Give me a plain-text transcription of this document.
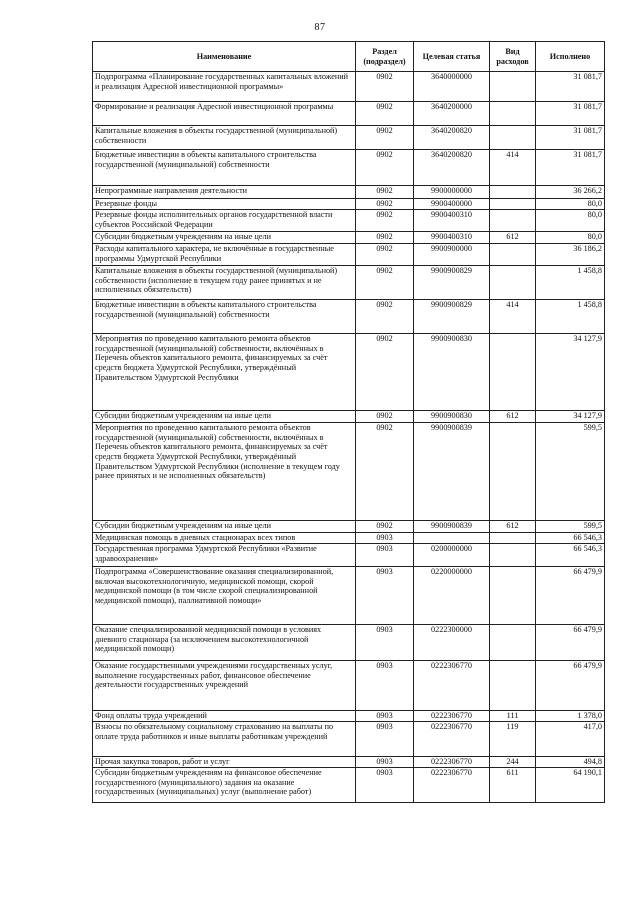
87
Наименование	Раздел (подраздел)	Целевая статья	Вид расходов	Исполнено
Подпрограмма «Планирование государственных капитальных вложений и реализация Адресной инвестиционной программы»	0902	3640000000		31 081,7
Формирование и реализация Адресной инвестиционной программы	0902	3640200000		31 081,7
Капитальные вложения в объекты государственной (муниципальной) собственности	0902	3640200820		31 081,7
Бюджетные инвестиции в объекты капитального строительства государственной (муниципальной) собственности	0902	3640200820	414	31 081,7
Непрограммные направления деятельности	0902	9900000000		36 266,2
Резервные фонды	0902	9900400000		80,0
Резервные фонды исполнительных органов государственной власти субъектов Российской Федерации	0902	9900400310		80,0
Субсидии бюджетным учреждениям на иные цели	0902	9900400310	612	80,0
Расходы капитального характера, не включённые в государственные программы Удмуртской Республики	0902	9900900000		36 186,2
Капитальные вложения в объекты государственной (муниципальной) собственности (исполнение в текущем году ранее принятых и не исполненных обязательств)	0902	9900900829		1 458,8
Бюджетные инвестиции в объекты капитального строительства государственной (муниципальной) собственности	0902	9900900829	414	1 458,8
Мероприятия по проведению капитального ремонта объектов государственной (муниципальной) собственности, включённых в Перечень объектов капитального ремонта, финансируемых за счёт средств бюджета Удмуртской Республики, утверждённый Правительством Удмуртской Республики	0902	9900900830		34 127,9
Субсидии бюджетным учреждениям на иные цели	0902	9900900830	612	34 127,9
Мероприятия по проведению капитального ремонта объектов государственной (муниципальной) собственности, включённых в Перечень объектов капитального ремонта, финансируемых за счёт средств бюджета Удмуртской Республики, утверждённый Правительством Удмуртской Республики (исполнение в текущем году ранее принятых и не исполненных обязательств)	0902	9900900839		599,5
Субсидии бюджетным учреждениям на иные цели	0902	9900900839	612	599,5
Медицинская помощь в дневных стационарах всех типов	0903			66 546,3
Государственная программа Удмуртской Республики «Развитие здравоохранения»	0903	0200000000		66 546,3
Подпрограмма «Совершенствование оказания специализированной, включая высокотехнологичную, медицинской помощи, скорой медицинской помощи (в том числе скорой специализированной медицинской помощи), паллиативной помощи»	0903	0220000000		66 479,9
Оказание специализированной медицинской помощи в условиях дневного стационара (за исключением высокотехнологичной медицинской помощи)	0903	0222300000		66 479,9
Оказание государственными учреждениями государственных услуг, выполнение государственных работ, финансовое обеспечение деятельности государственных учреждений	0903	0222306770		66 479,9
Фонд оплаты труда учреждений	0903	0222306770	111	1 378,0
Взносы по обязательному социальному страхованию на выплаты по оплате труда работников и иные выплаты работникам учреждений	0903	0222306770	119	417,0
Прочая закупка товаров, работ и услуг	0903	0222306770	244	494,8
Субсидии бюджетным учреждениям на финансовое обеспечение государственного (муниципального) задания на оказание государственных (муниципальных) услуг (выполнение работ)	0903	0222306770	611	64 190,1
